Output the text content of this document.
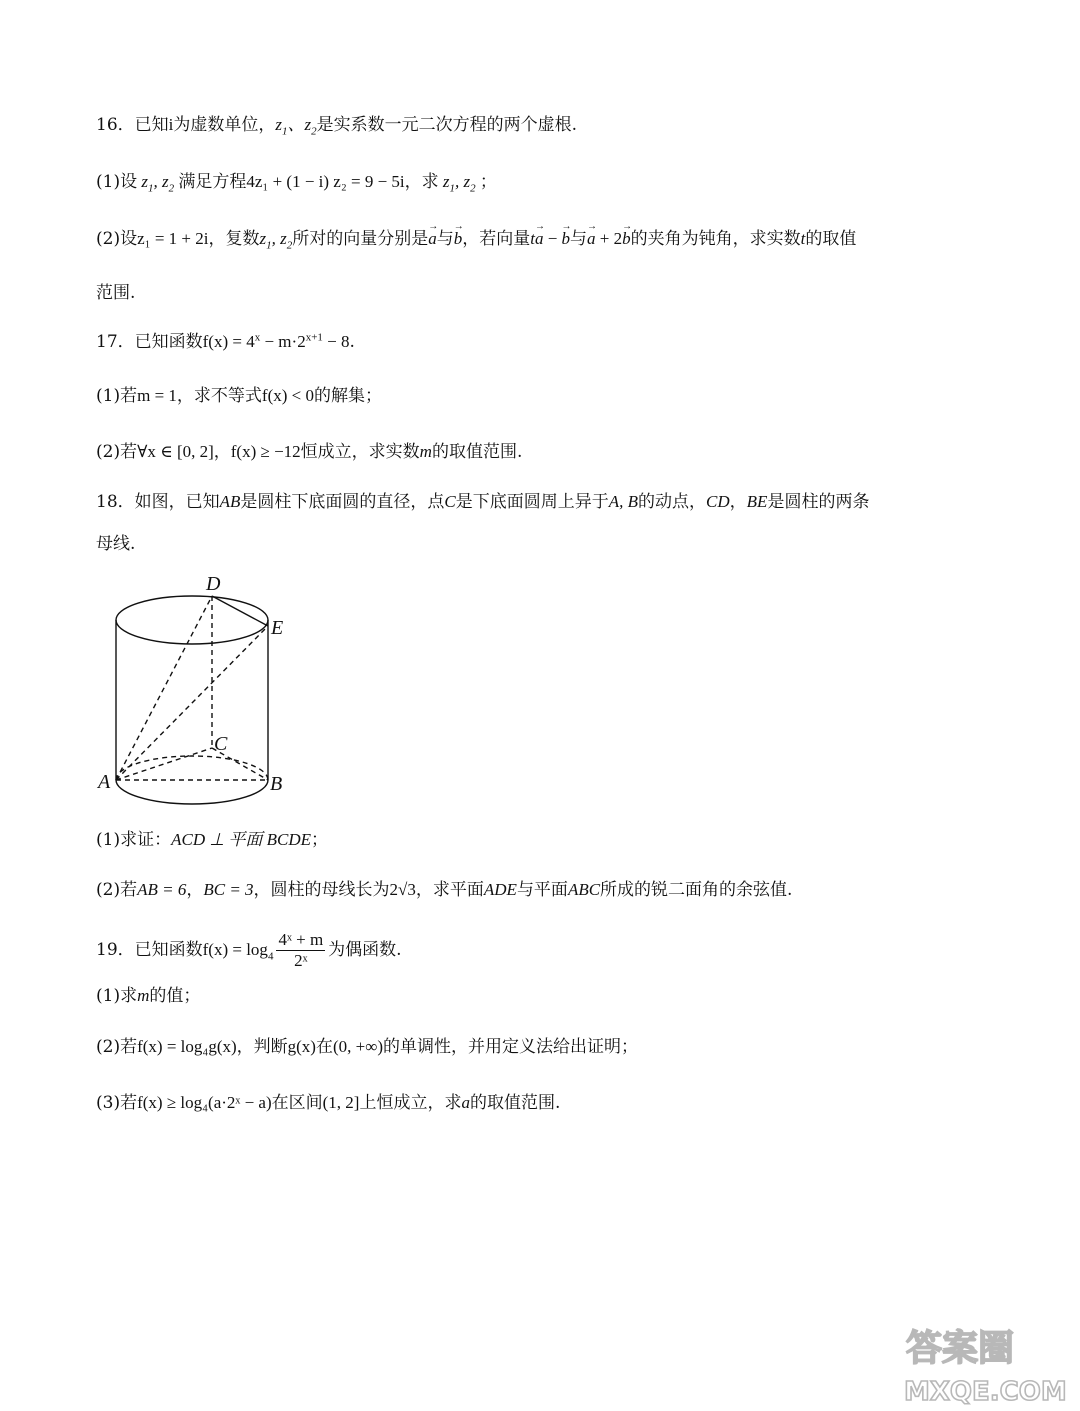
16．已知i为虚数单位，$z_1$、$z_2$是实系数一元二次方程的两个虚根.
(1)设 $z_1$, $z_2$ 满足方程4z₁ + (1 − i) z₂ = 9 − 5i，求 $z_1$, $z_2$ ；
(2)设z₁ = 1 + 2i，复数$z_1$, $z_2$所对的向量分别是→ a与→ b，若向量t→ a − → b与→ a + 2→ b的夹角为钝角，求实数t的取值
范围.
17．已知函数$f(x) = 4^x - m\cdot 2^{x+1} - 8$.
(1)若m = 1，求不等式f(x) < 0的解集；
(2)若∀x ∈ [0, 2]，f(x) ≥ −12恒成立，求实数m的取值范围.
18．如图，已知AB是圆柱下底面圆的直径，点C是下底面圆周上异于A, B的动点，CD，BE是圆柱的两条
母线.
D
E
C
A	B
(1)求证：ACD ⊥ 平面 BCDE；
(2)若AB = 6，BC = 3，圆柱的母线长为2√3，求平面ADE与平面ABC所成的锐二面角的余弦值.
19．已知函数$f(x) = \log_4 \frac{\text{4ˣ + m}}{\text{2ˣ}}$ 为偶函数.
(1)求m的值；
(2)若f(x) = log₄g(x)，判断g(x)在(0, +∞)的单调性，并用定义法给出证明；
(3)若f(x) ≥ log₄(a·2ˣ − a)在区间(1, 2]上恒成立，求a的取值范围.
答案圈
MXQE.COM
